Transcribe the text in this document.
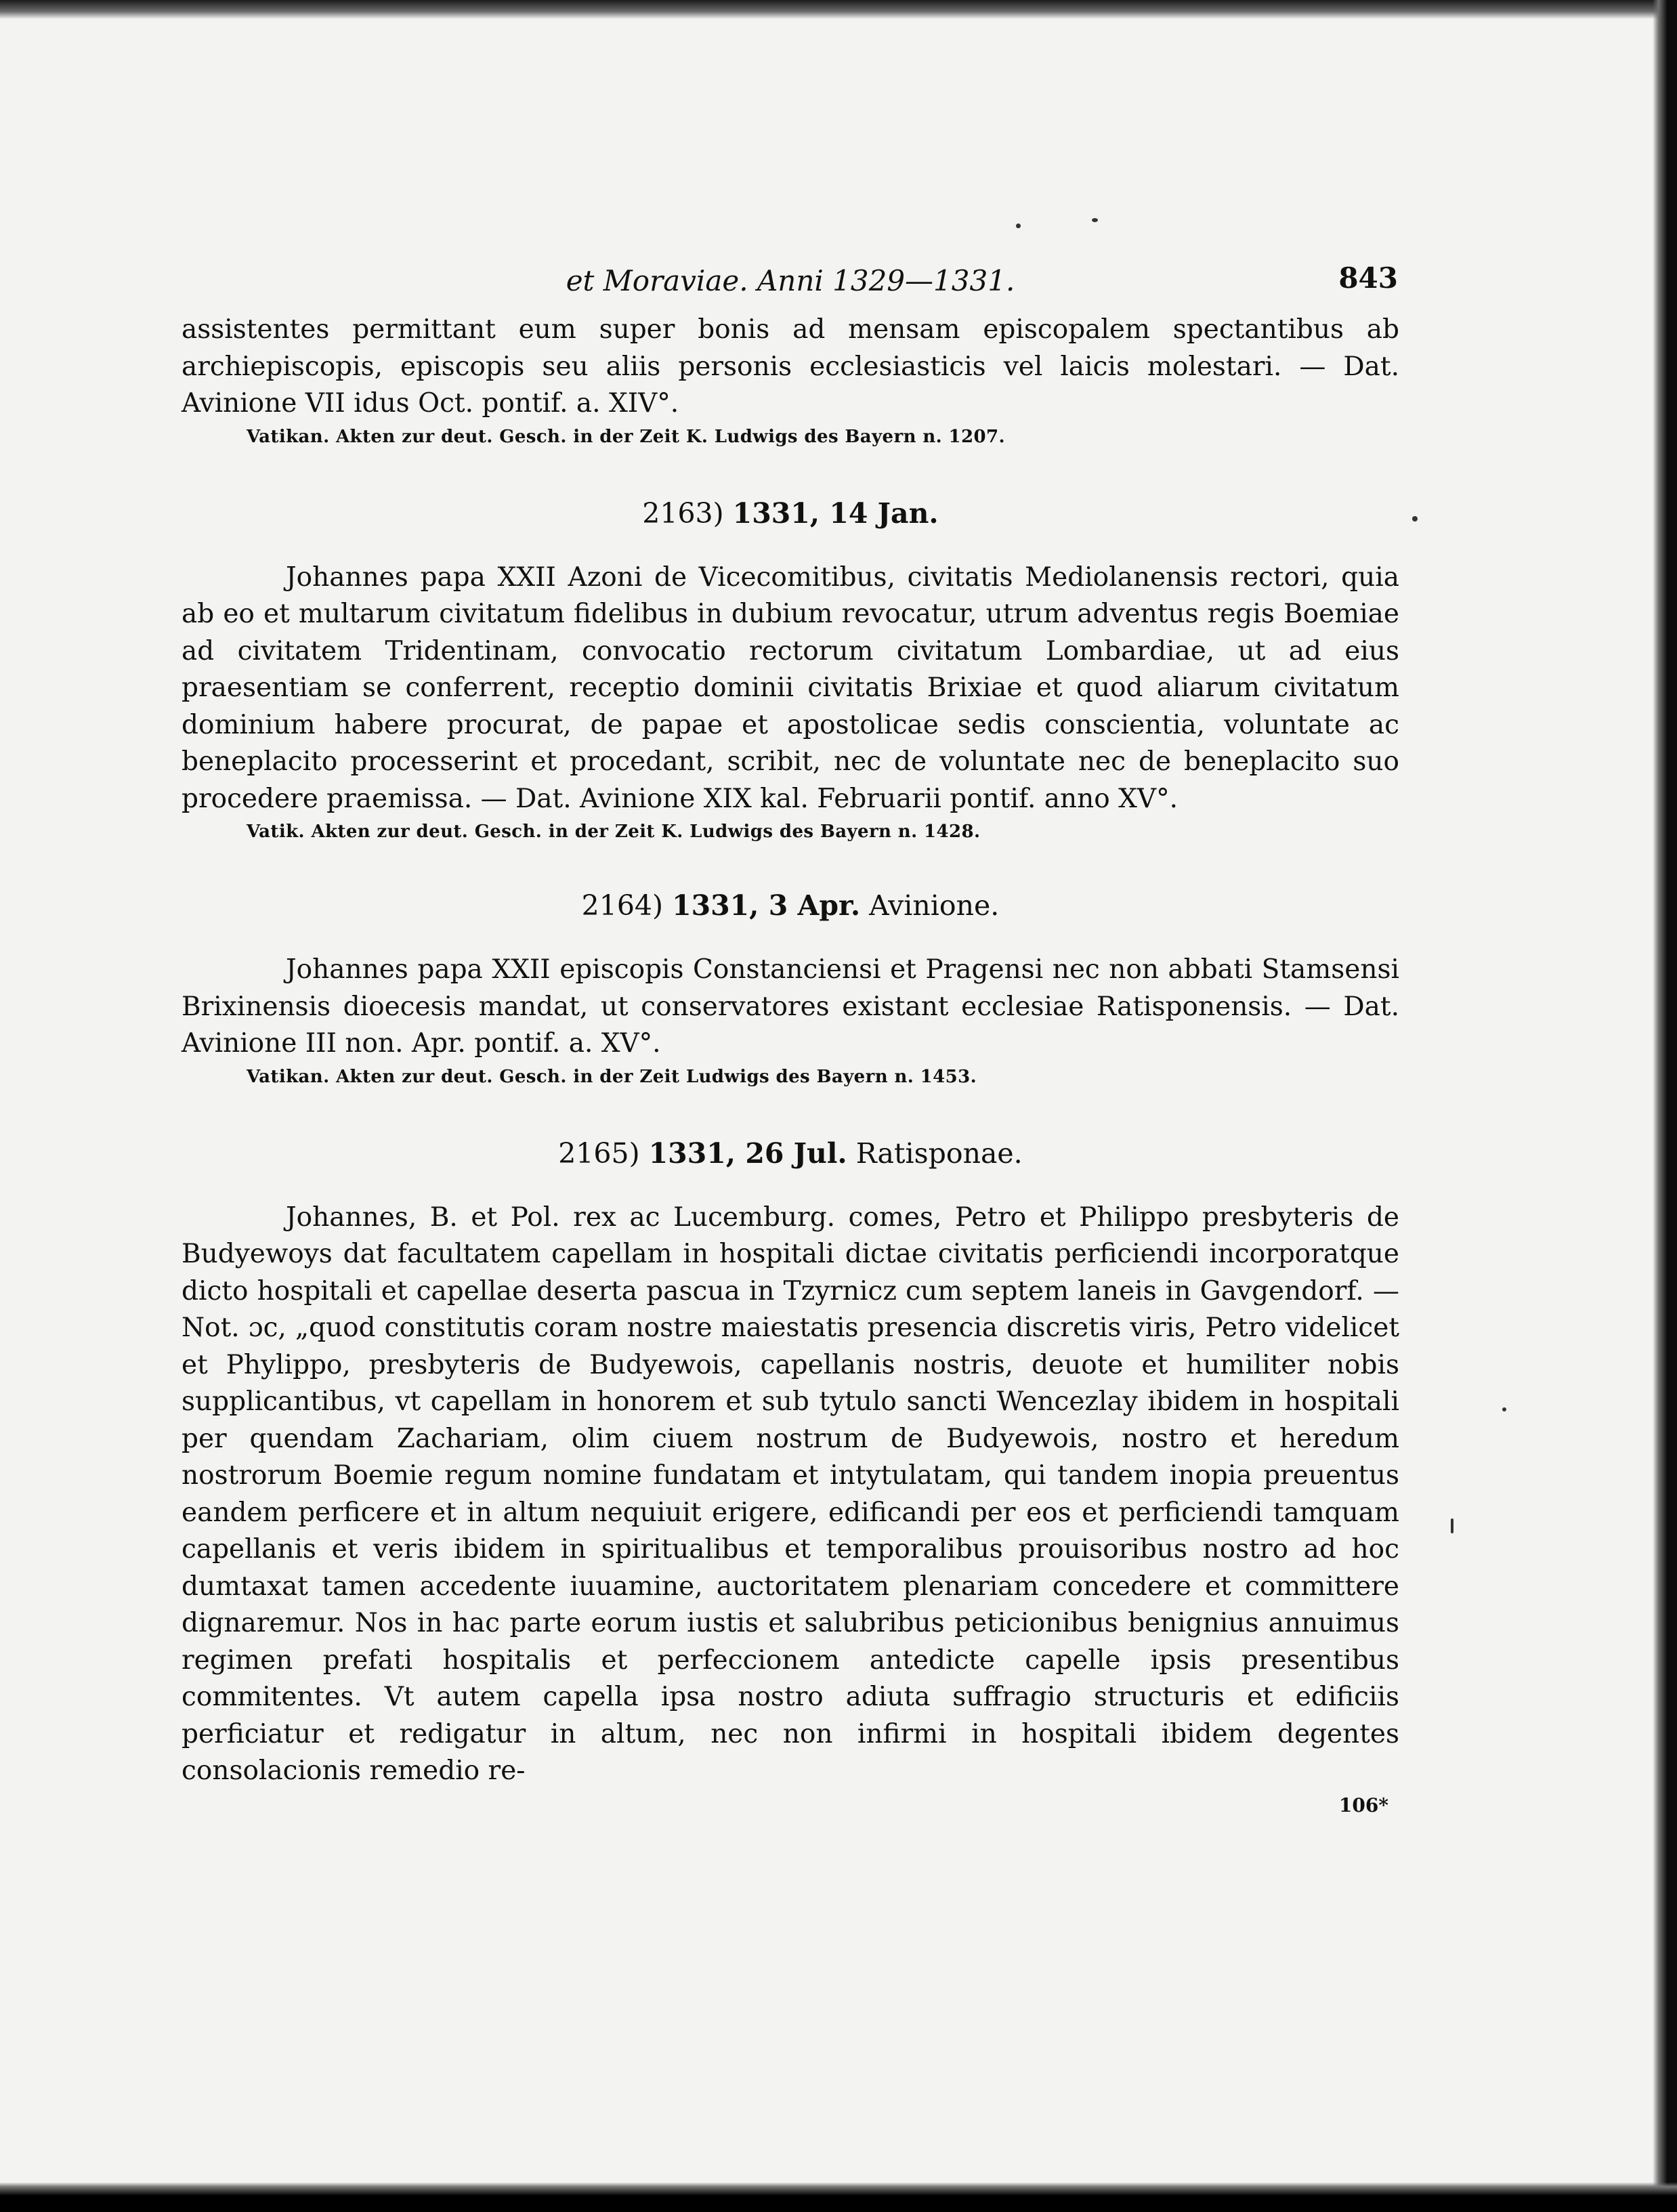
et Moraviae. Anni 1329—1331.	843

assistentes permittant eum super bonis ad mensam episcopalem spectantibus ab archiepiscopis, episcopis seu aliis personis ecclesiasticis vel laicis molestari. — Dat. Avinione VII idus Oct. pontif. a. XIV°.

Vatikan. Akten zur deut. Gesch. in der Zeit K. Ludwigs des Bayern n. 1207.

2163) 1331, 14 Jan.

Johannes papa XXII Azoni de Vicecomitibus, civitatis Mediolanensis rectori, quia ab eo et multarum civitatum fidelibus in dubium revocatur, utrum adventus regis Boemiae ad civitatem Tridentinam, convocatio rectorum civitatum Lombardiae, ut ad eius praesentiam se conferrent, receptio dominii civitatis Brixiae et quod aliarum civitatum dominium habere procurat, de papae et apostolicae sedis conscientia, voluntate ac beneplacito processerint et procedant, scribit, nec de voluntate nec de beneplacito suo procedere praemissa. — Dat. Avinione XIX kal. Februarii pontif. anno XV°.

Vatik. Akten zur deut. Gesch. in der Zeit K. Ludwigs des Bayern n. 1428.

2164) 1331, 3 Apr. Avinione.

Johannes papa XXII episcopis Constanciensi et Pragensi nec non abbati Stamsensi Brixinensis dioecesis mandat, ut conservatores existant ecclesiae Ratisponensis. — Dat. Avinione III non. Apr. pontif. a. XV°.

Vatikan. Akten zur deut. Gesch. in der Zeit Ludwigs des Bayern n. 1453.

2165) 1331, 26 Jul. Ratisponae.

Johannes, B. et Pol. rex ac Lucemburg. comes, Petro et Philippo presbyteris de Budyewoys dat facultatem capellam in hospitali dictae civitatis perficiendi incorporatque dicto hospitali et capellae deserta pascua in Tzyrnicz cum septem laneis in Gavgendorf. — Not. ɔc, „quod constitutis coram nostre maiestatis presencia discretis viris, Petro videlicet et Phylippo, presbyteris de Budyewois, capellanis nostris, deuote et humiliter nobis supplicantibus, vt capellam in honorem et sub tytulo sancti Wencezlay ibidem in hospitali per quendam Zachariam, olim ciuem nostrum de Budyewois, nostro et heredum nostrorum Boemie regum nomine fundatam et intytulatam, qui tandem inopia preuentus eandem perficere et in altum nequiuit erigere, edificandi per eos et perficiendi tamquam capellanis et veris ibidem in spiritualibus et temporalibus prouisoribus nostro ad hoc dumtaxat tamen accedente iuuamine, auctoritatem plenariam concedere et committere dignaremur. Nos in hac parte eorum iustis et salubribus peticionibus benignius annuimus regimen prefati hospitalis et perfeccionem antedicte capelle ipsis presentibus commitentes. Vt autem capella ipsa nostro adiuta suffragio structuris et edificiis perficiatur et redigatur in altum, nec non infirmi in hospitali ibidem degentes consolacionis remedio re-

106*
